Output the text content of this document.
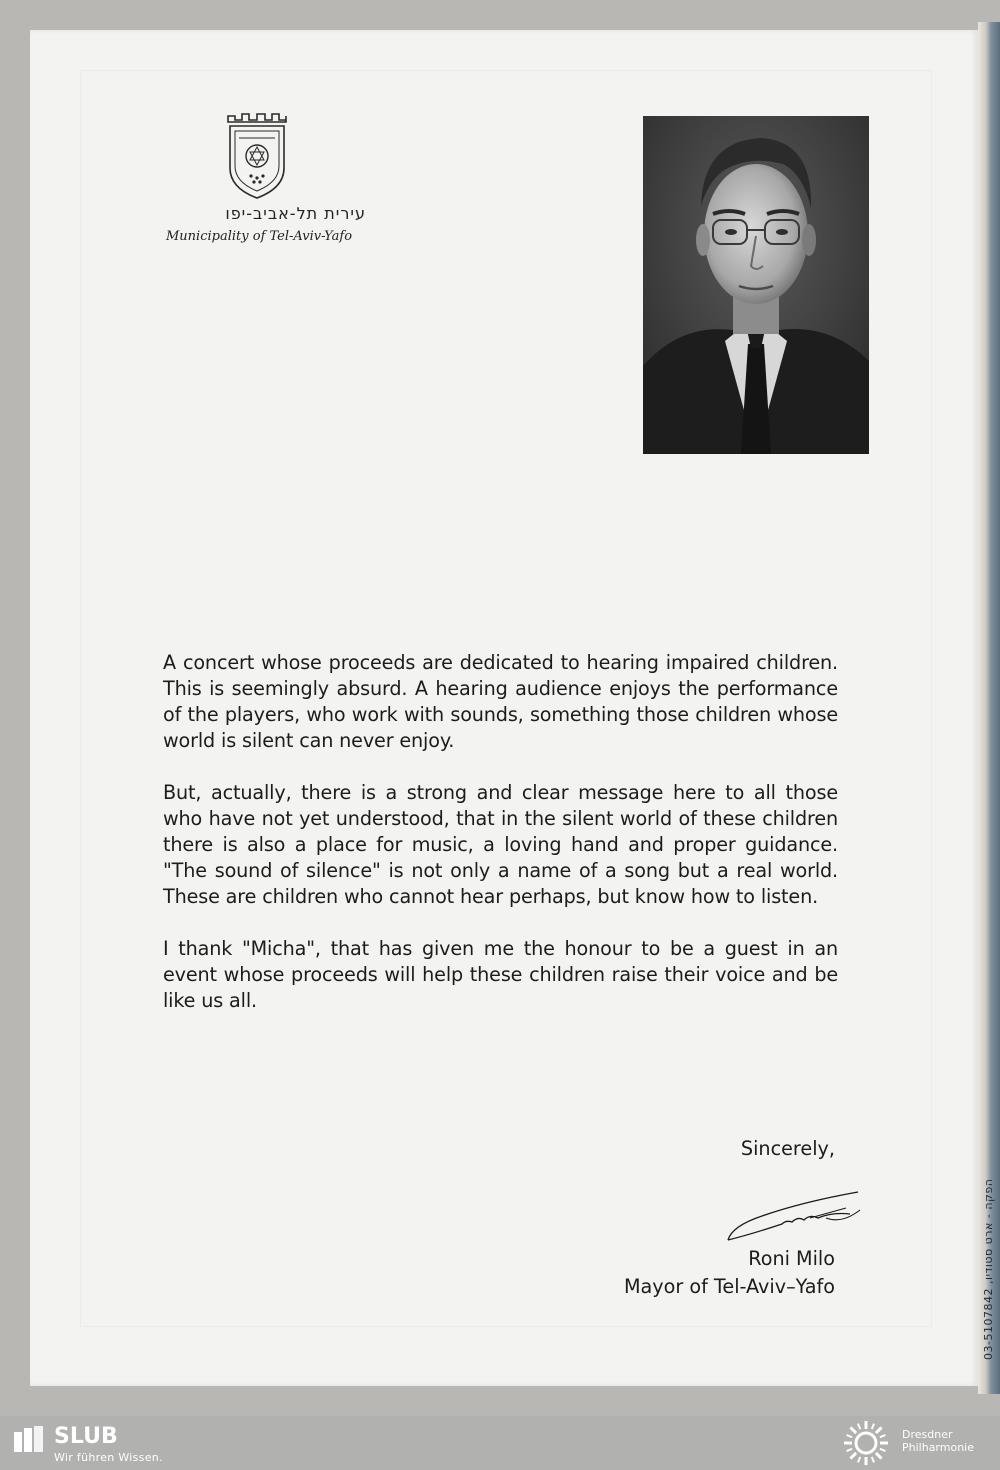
03-5107842 ,הפקה - ארט סטודיו
עירית תל-אביב-יפו
Municipality of Tel-Aviv-Yafo

A concert whose proceeds are dedicated to hearing impaired children. This is seemingly absurd. A hearing audience enjoys the performance of the players, who work with sounds, something those children whose world is silent can never enjoy.

But, actually, there is a strong and clear message here to all those who have not yet understood, that in the silent world of these children there is also a place for music, a loving hand and proper guidance. "The sound of silence" is not only a name of a song but a real world. These are children who cannot hear perhaps, but know how to listen.

I thank "Micha", that has given me the honour to be a guest in an event whose proceeds will help these children raise their voice and be like us all.

Sincerely,
Roni Milo
Mayor of Tel-Aviv–Yafo
SLUB
Wir führen Wissen.
Dresdner
Philharmonie
